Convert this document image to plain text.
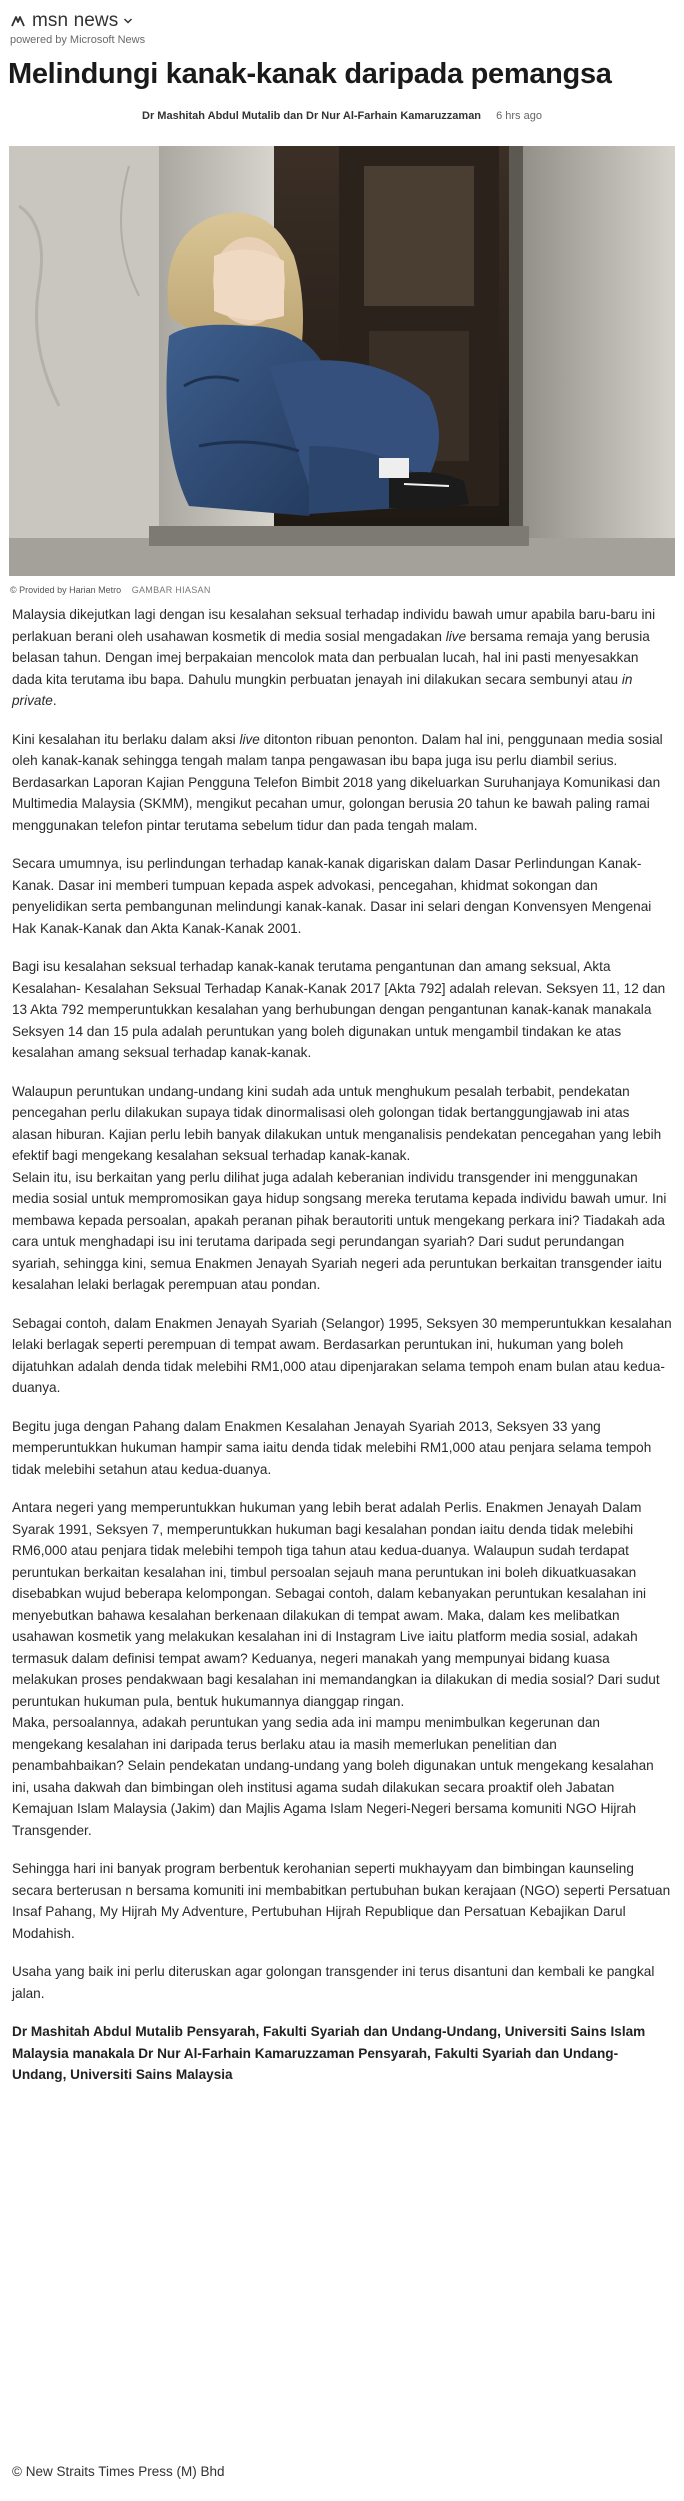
msn news
powered by Microsoft News
Melindungi kanak-kanak daripada pemangsa
Dr Mashitah Abdul Mutalib dan Dr Nur Al-Farhain Kamaruzzaman 6 hrs ago
© Provided by Harian Metro GAMBAR HIASAN

Malaysia dikejutkan lagi dengan isu kesalahan seksual terhadap individu bawah umur apabila baru-baru ini perlakuan berani oleh usahawan kosmetik di media sosial mengadakan live bersama remaja yang berusia belasan tahun. Dengan imej berpakaian mencolok mata dan perbualan lucah, hal ini pasti menyesakkan dada kita terutama ibu bapa. Dahulu mungkin perbuatan jenayah ini dilakukan secara sembunyi atau in private.

Kini kesalahan itu berlaku dalam aksi live ditonton ribuan penonton. Dalam hal ini, penggunaan media sosial oleh kanak-kanak sehingga tengah malam tanpa pengawasan ibu bapa juga isu perlu diambil serius. Berdasarkan Laporan Kajian Pengguna Telefon Bimbit 2018 yang dikeluarkan Suruhanjaya Komunikasi dan Multimedia Malaysia (SKMM), mengikut pecahan umur, golongan berusia 20 tahun ke bawah paling ramai menggunakan telefon pintar terutama sebelum tidur dan pada tengah malam.

Secara umumnya, isu perlindungan terhadap kanak-kanak digariskan dalam Dasar Perlindungan Kanak-Kanak. Dasar ini memberi tumpuan kepada aspek advokasi, pencegahan, khidmat sokongan dan penyelidikan serta pembangunan melindungi kanak-kanak. Dasar ini selari dengan Konvensyen Mengenai Hak Kanak-Kanak dan Akta Kanak-Kanak 2001.

Bagi isu kesalahan seksual terhadap kanak-kanak terutama pengantunan dan amang seksual, Akta Kesalahan- Kesalahan Seksual Terhadap Kanak-Kanak 2017 [Akta 792] adalah relevan. Seksyen 11, 12 dan 13 Akta 792 memperuntukkan kesalahan yang berhubungan dengan pengantunan kanak-kanak manakala Seksyen 14 dan 15 pula adalah peruntukan yang boleh digunakan untuk mengambil tindakan ke atas kesalahan amang seksual terhadap kanak-kanak.

Walaupun peruntukan undang-undang kini sudah ada untuk menghukum pesalah terbabit, pendekatan pencegahan perlu dilakukan supaya tidak dinormalisasi oleh golongan tidak bertanggungjawab ini atas alasan hiburan. Kajian perlu lebih banyak dilakukan untuk menganalisis pendekatan pencegahan yang lebih efektif bagi mengekang kesalahan seksual terhadap kanak-kanak.

Selain itu, isu berkaitan yang perlu dilihat juga adalah keberanian individu transgender ini menggunakan media sosial untuk mempromosikan gaya hidup songsang mereka terutama kepada individu bawah umur. Ini membawa kepada persoalan, apakah peranan pihak berautoriti untuk mengekang perkara ini? Tiadakah ada cara untuk menghadapi isu ini terutama daripada segi perundangan syariah? Dari sudut perundangan syariah, sehingga kini, semua Enakmen Jenayah Syariah negeri ada peruntukan berkaitan transgender iaitu kesalahan lelaki berlagak perempuan atau pondan.

Sebagai contoh, dalam Enakmen Jenayah Syariah (Selangor) 1995, Seksyen 30 memperuntukkan kesalahan lelaki berlagak seperti perempuan di tempat awam. Berdasarkan peruntukan ini, hukuman yang boleh dijatuhkan adalah denda tidak melebihi RM1,000 atau dipenjarakan selama tempoh enam bulan atau kedua-duanya.

Begitu juga dengan Pahang dalam Enakmen Kesalahan Jenayah Syariah 2013, Seksyen 33 yang memperuntukkan hukuman hampir sama iaitu denda tidak melebihi RM1,000 atau penjara selama tempoh tidak melebihi setahun atau kedua-duanya.

Antara negeri yang memperuntukkan hukuman yang lebih berat adalah Perlis. Enakmen Jenayah Dalam Syarak 1991, Seksyen 7, memperuntukkan hukuman bagi kesalahan pondan iaitu denda tidak melebihi RM6,000 atau penjara tidak melebihi tempoh tiga tahun atau kedua-duanya. Walaupun sudah terdapat peruntukan berkaitan kesalahan ini, timbul persoalan sejauh mana peruntukan ini boleh dikuatkuasakan disebabkan wujud beberapa kelompongan. Sebagai contoh, dalam kebanyakan peruntukan kesalahan ini menyebutkan bahawa kesalahan berkenaan dilakukan di tempat awam. Maka, dalam kes melibatkan usahawan kosmetik yang melakukan kesalahan ini di Instagram Live iaitu platform media sosial, adakah termasuk dalam definisi tempat awam? Keduanya, negeri manakah yang mempunyai bidang kuasa melakukan proses pendakwaan bagi kesalahan ini memandangkan ia dilakukan di media sosial? Dari sudut peruntukan hukuman pula, bentuk hukumannya dianggap ringan.

Maka, persoalannya, adakah peruntukan yang sedia ada ini mampu menimbulkan kegerunan dan mengekang kesalahan ini daripada terus berlaku atau ia masih memerlukan penelitian dan penambahbaikan? Selain pendekatan undang-undang yang boleh digunakan untuk mengekang kesalahan ini, usaha dakwah dan bimbingan oleh institusi agama sudah dilakukan secara proaktif oleh Jabatan Kemajuan Islam Malaysia (Jakim) dan Majlis Agama Islam Negeri-Negeri bersama komuniti NGO Hijrah Transgender.

Sehingga hari ini banyak program berbentuk kerohanian seperti mukhayyam dan bimbingan kaunseling secara berterusan n bersama komuniti ini membabitkan pertubuhan bukan kerajaan (NGO) seperti Persatuan Insaf Pahang, My Hijrah My Adventure, Pertubuhan Hijrah Republique dan Persatuan Kebajikan Darul Modahish.

Usaha yang baik ini perlu diteruskan agar golongan transgender ini terus disantuni dan kembali ke pangkal jalan.

Dr Mashitah Abdul Mutalib Pensyarah, Fakulti Syariah dan Undang-Undang, Universiti Sains Islam Malaysia manakala Dr Nur Al-Farhain Kamaruzzaman Pensyarah, Fakulti Syariah dan Undang-Undang, Universiti Sains Malaysia

© New Straits Times Press (M) Bhd
